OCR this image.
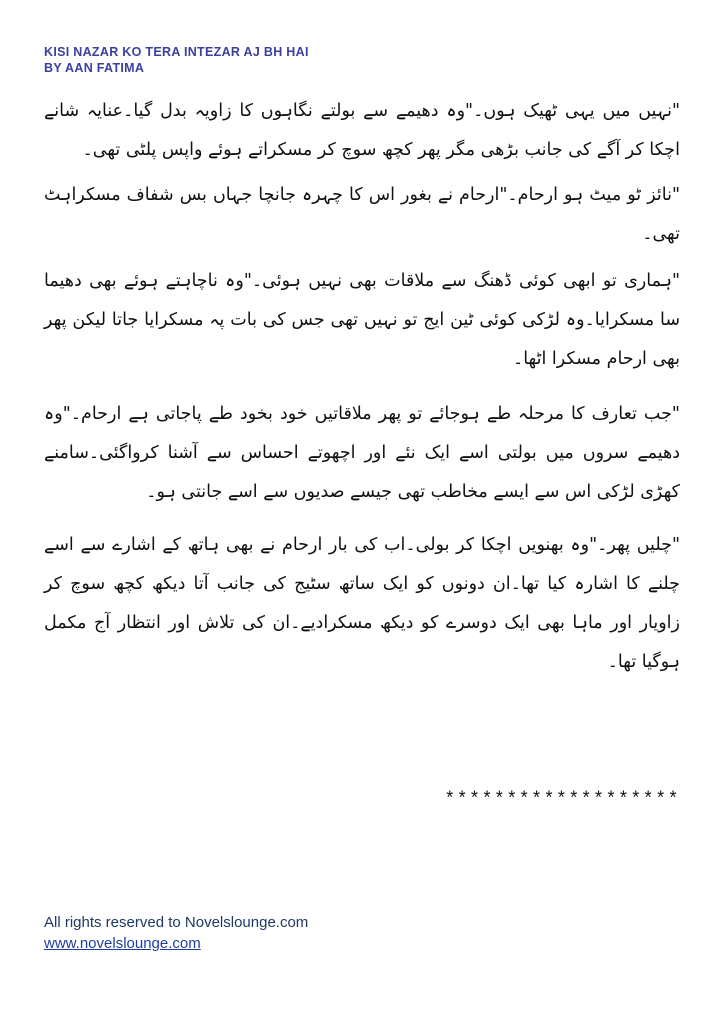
KISI NAZAR KO TERA INTEZAR AJ BH HAI
BY AAN FATIMA

"نہیں میں یہی ٹھیک ہوں۔"وہ دھیمے سے بولتے نگاہوں کا زاویہ بدل گیا۔عنایہ شانے اچکا کر آگے کی جانب بڑھی مگر پھر کچھ سوچ کر مسکراتے ہوئے واپس پلٹی تھی۔

"نائز ٹو میٹ ہو ارحام۔"ارحام نے بغور اس کا چہرہ جانچا جہاں بس شفاف مسکراہٹ تھی۔

"ہماری تو ابھی کوئی ڈھنگ سے ملاقات بھی نہیں ہوئی۔"وہ ناچاہتے ہوئے بھی دھیما سا مسکرایا۔وہ لڑکی کوئی ٹین ایج تو نہیں تھی جس کی بات پہ مسکرایا جاتا لیکن پھر بھی ارحام مسکرا اٹھا۔

"جب تعارف کا مرحلہ طے ہوجائے تو پھر ملاقاتیں خود بخود طے پاجاتی ہے ارحام۔"وہ دھیمے سروں میں بولتی اسے ایک نئے اور اچھوتے احساس سے آشنا کرواگئی۔سامنے کھڑی لڑکی اس سے ایسے مخاطب تھی جیسے صدیوں سے اسے جانتی ہو۔

"چلیں پھر۔"وہ بھنویں اچکا کر بولی۔اب کی بار ارحام نے بھی ہاتھ کے اشارے سے اسے چلنے کا اشارہ کیا تھا۔ان دونوں کو ایک ساتھ سٹیج کی جانب آتا دیکھ کچھ سوچ کر زاویار اور ماہا بھی ایک دوسرے کو دیکھ مسکرادیے۔ان کی تلاش اور انتظار آج مکمل ہوگیا تھا۔

*******************
All rights reserved to Novelslounge.com
www.novelslounge.com
